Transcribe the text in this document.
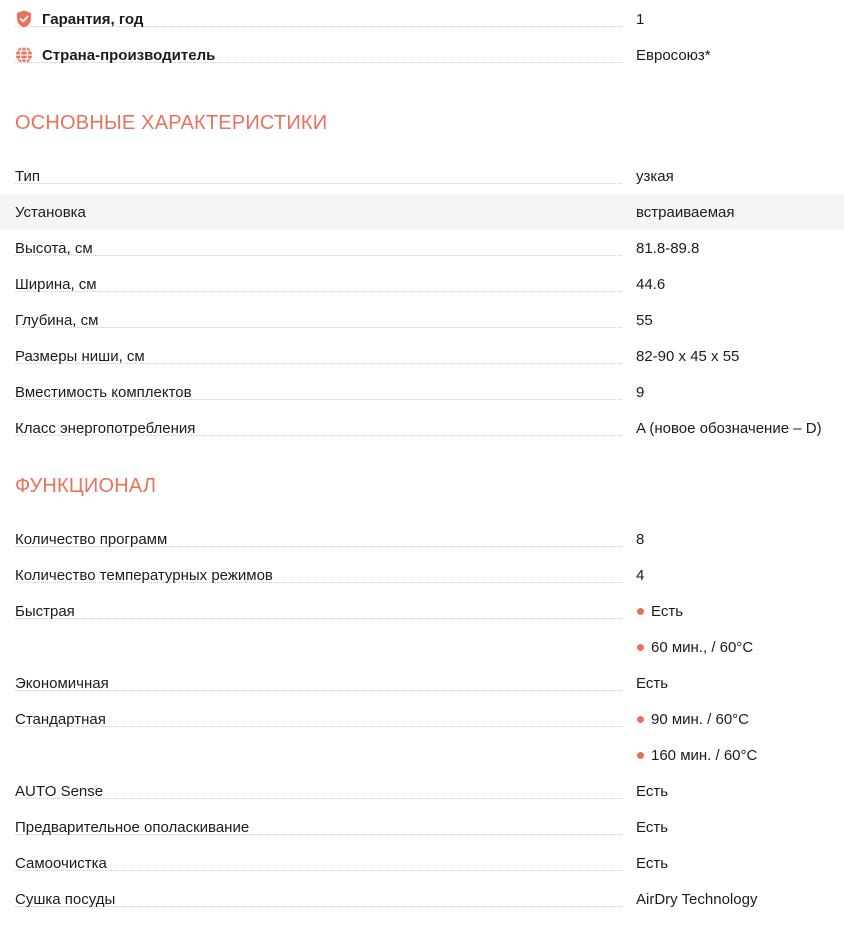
Гарантия, год	1
Страна-производитель	Евросоюз*
ОСНОВНЫЕ ХАРАКТЕРИСТИКИ
Тип	узкая
Установка	встраиваемая
Высота, см	81.8-89.8
Ширина, см	44.6
Глубина, см	55
Размеры ниши, см	82-90 x 45 x 55
Вместимость комплектов	9
Класс энергопотребления	A (новое обозначение – D)
ФУНКЦИОНАЛ
Количество программ	8
Количество температурных режимов	4
Быстрая	Есть
60 мин., / 60°C
Экономичная	Есть
Стандартная	90 мин. / 60°C
160 мин. / 60°C
AUTO Sense	Есть
Предварительное ополаскивание	Есть
Самоочистка	Есть
Сушка посуды	AirDry Technology
